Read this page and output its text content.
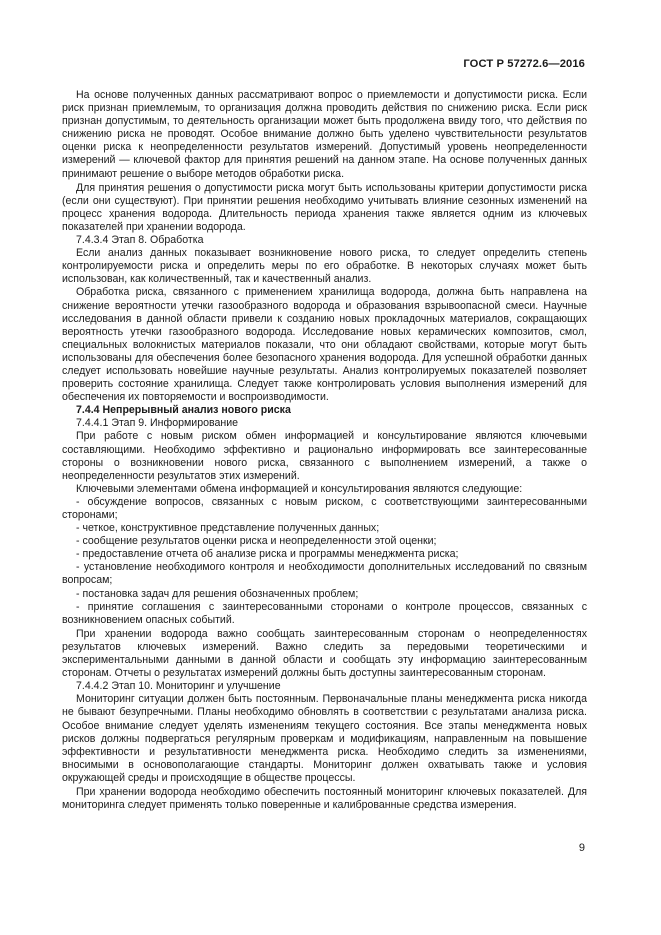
ГОСТ Р 57272.6—2016

На основе полученных данных рассматривают вопрос о приемлемости и допустимости риска. Если риск признан приемлемым, то организация должна проводить действия по снижению риска. Если риск признан допустимым, то деятельность организации может быть продолжена ввиду того, что действия по снижению риска не проводят. Особое внимание должно быть уделено чувствительности результатов оценки риска к неопределенности результатов измерений. Допустимый уровень неопределенности измерений — ключевой фактор для принятия решений на данном этапе. На основе полученных данных принимают решение о выборе методов обработки риска.

Для принятия решения о допустимости риска могут быть использованы критерии допустимости риска (если они существуют). При принятии решения необходимо учитывать влияние сезонных изменений на процесс хранения водорода. Длительность периода хранения также является одним из ключевых показателей при хранении водорода.

7.4.3.4 Этап 8. Обработка

Если анализ данных показывает возникновение нового риска, то следует определить степень контролируемости риска и определить меры по его обработке. В некоторых случаях может быть использован, как количественный, так и качественный анализ.

Обработка риска, связанного с применением хранилища водорода, должна быть направлена на снижение вероятности утечки газообразного водорода и образования взрывоопасной смеси. Научные исследования в данной области привели к созданию новых прокладочных материалов, сокращающих вероятность утечки газообразного водорода. Исследование новых керамических композитов, смол, специальных волокнистых материалов показали, что они обладают свойствами, которые могут быть использованы для обеспечения более безопасного хранения водорода. Для успешной обработки данных следует использовать новейшие научные результаты. Анализ контролируемых показателей позволяет проверить состояние хранилища. Следует также контролировать условия выполнения измерений для обеспечения их повторяемости и воспроизводимости.

7.4.4 Непрерывный анализ нового риска

7.4.4.1 Этап 9. Информирование

При работе с новым риском обмен информацией и консультирование являются ключевыми составляющими. Необходимо эффективно и рационально информировать все заинтересованные стороны о возникновении нового риска, связанного с выполнением измерений, а также о неопределенности результатов этих измерений.

Ключевыми элементами обмена информацией и консультирования являются следующие:

- обсуждение вопросов, связанных с новым риском, с соответствующими заинтересованными сторонами;

- четкое, конструктивное представление полученных данных;

- сообщение результатов оценки риска и неопределенности этой оценки;

- предоставление отчета об анализе риска и программы менеджмента риска;

- установление необходимого контроля и необходимости дополнительных исследований по связным вопросам;

- постановка задач для решения обозначенных проблем;

- принятие соглашения с заинтересованными сторонами о контроле процессов, связанных с возникновением опасных событий.

При хранении водорода важно сообщать заинтересованным сторонам о неопределенностях результатов ключевых измерений. Важно следить за передовыми теоретическими и экспериментальными данными в данной области и сообщать эту информацию заинтересованным сторонам. Отчеты о результатах измерений должны быть доступны заинтересованным сторонам.

7.4.4.2 Этап 10. Мониторинг и улучшение

Мониторинг ситуации должен быть постоянным. Первоначальные планы менеджмента риска никогда не бывают безупречными. Планы необходимо обновлять в соответствии с результатами анализа риска. Особое внимание следует уделять изменениям текущего состояния. Все этапы менеджмента новых рисков должны подвергаться регулярным проверкам и модификациям, направленным на повышение эффективности и результативности менеджмента риска. Необходимо следить за изменениями, вносимыми в основополагающие стандарты. Мониторинг должен охватывать также и условия окружающей среды и происходящие в обществе процессы.

При хранении водорода необходимо обеспечить постоянный мониторинг ключевых показателей. Для мониторинга следует применять только поверенные и калиброванные средства измерения.

9
